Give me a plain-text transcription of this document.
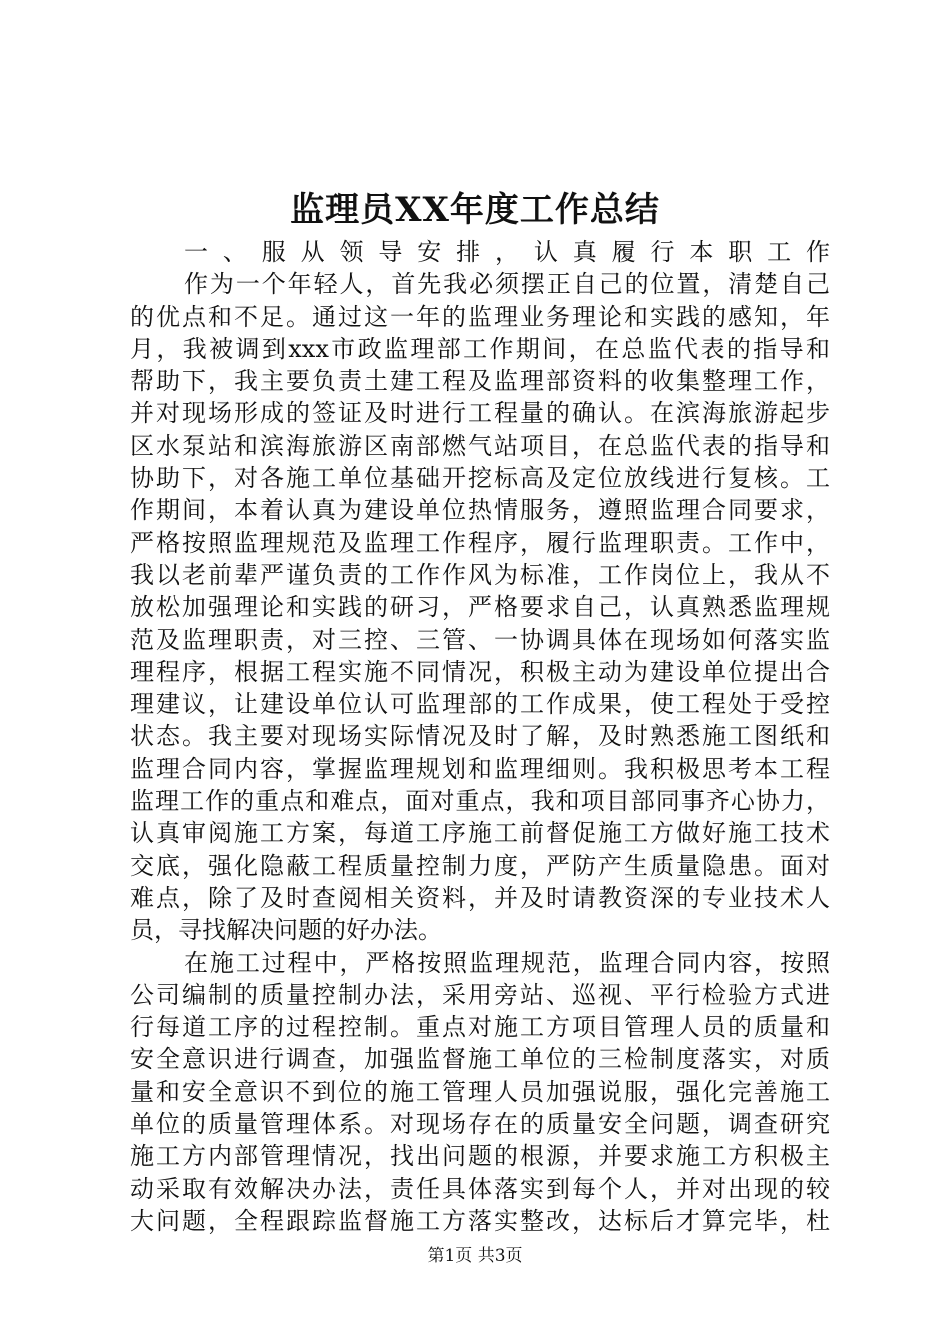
监理员XX年度工作总结
一、服从领导安排，认真履行本职工作
作为一个年轻人，首先我必须摆正自己的位置，清楚自己
的优点和不足。通过这一年的监理业务理论和实践的感知，年
月，我被调到xxx市政监理部工作期间，在总监代表的指导和
帮助下，我主要负责土建工程及监理部资料的收集整理工作，
并对现场形成的签证及时进行工程量的确认。在滨海旅游起步
区水泵站和滨海旅游区南部燃气站项目，在总监代表的指导和
协助下，对各施工单位基础开挖标高及定位放线进行复核。工
作期间，本着认真为建设单位热情服务，遵照监理合同要求，
严格按照监理规范及监理工作程序，履行监理职责。工作中，
我以老前辈严谨负责的工作作风为标准，工作岗位上，我从不
放松加强理论和实践的研习，严格要求自己，认真熟悉监理规
范及监理职责，对三控、三管、一协调具体在现场如何落实监
理程序，根据工程实施不同情况，积极主动为建设单位提出合
理建议，让建设单位认可监理部的工作成果，使工程处于受控
状态。我主要对现场实际情况及时了解，及时熟悉施工图纸和
监理合同内容，掌握监理规划和监理细则。我积极思考本工程
监理工作的重点和难点，面对重点，我和项目部同事齐心协力，
认真审阅施工方案，每道工序施工前督促施工方做好施工技术
交底，强化隐蔽工程质量控制力度，严防产生质量隐患。面对
难点，除了及时查阅相关资料，并及时请教资深的专业技术人
员，寻找解决问题的好办法。
在施工过程中，严格按照监理规范，监理合同内容，按照
公司编制的质量控制办法，采用旁站、巡视、平行检验方式进
行每道工序的过程控制。重点对施工方项目管理人员的质量和
安全意识进行调查，加强监督施工单位的三检制度落实，对质
量和安全意识不到位的施工管理人员加强说服，强化完善施工
单位的质量管理体系。对现场存在的质量安全问题，调查研究
施工方内部管理情况，找出问题的根源，并要求施工方积极主
动采取有效解决办法，责任具体落实到每个人，并对出现的较
大问题，全程跟踪监督施工方落实整改，达标后才算完毕，杜
第1页 共3页
